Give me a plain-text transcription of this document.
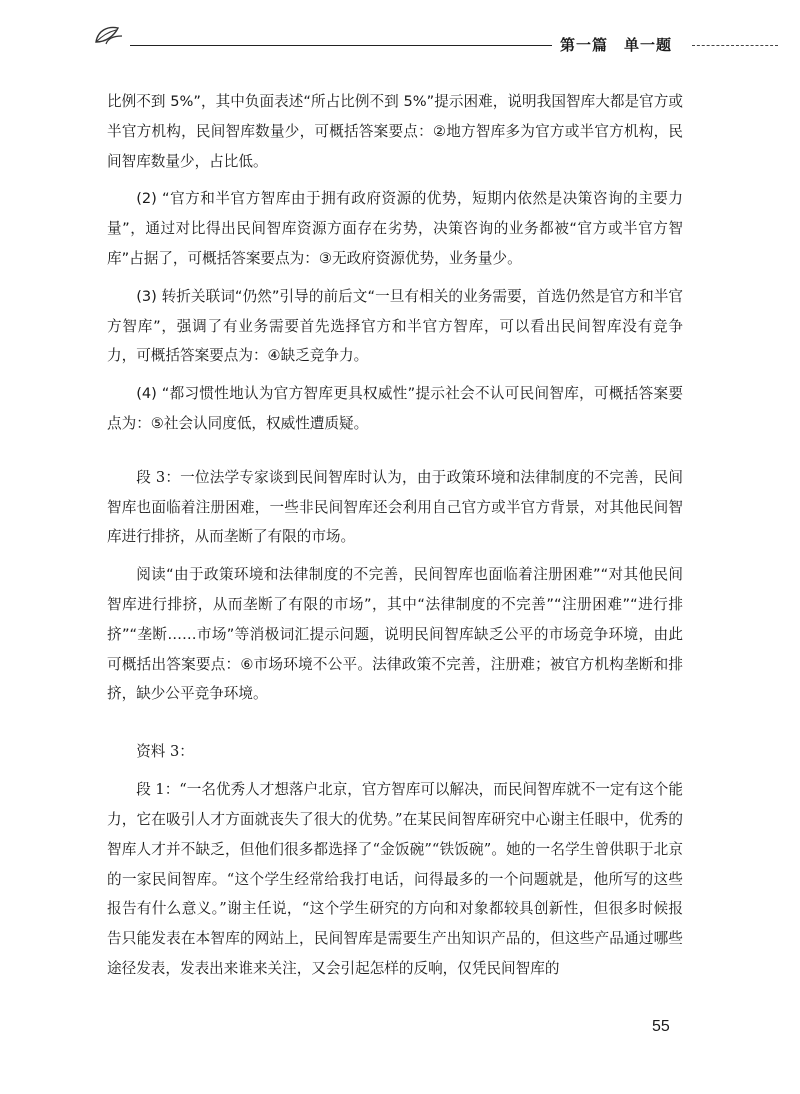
第一篇 单一题

比例不到 5%”，其中负面表述“所占比例不到 5%”提示困难，说明我国智库大都是官方或半官方机构，民间智库数量少，可概括答案要点：②地方智库多为官方或半官方机构，民间智库数量少，占比低。

(2) “官方和半官方智库由于拥有政府资源的优势，短期内依然是决策咨询的主要力量”，通过对比得出民间智库资源方面存在劣势，决策咨询的业务都被“官方或半官方智库”占据了，可概括答案要点为：③无政府资源优势，业务量少。

(3) 转折关联词“仍然”引导的前后文“一旦有相关的业务需要，首选仍然是官方和半官方智库”，强调了有业务需要首先选择官方和半官方智库，可以看出民间智库没有竞争力，可概括答案要点为：④缺乏竞争力。

(4) “都习惯性地认为官方智库更具权威性”提示社会不认可民间智库，可概括答案要点为：⑤社会认同度低，权威性遭质疑。

段 3：一位法学专家谈到民间智库时认为，由于政策环境和法律制度的不完善，民间智库也面临着注册困难，一些非民间智库还会利用自己官方或半官方背景，对其他民间智库进行排挤，从而垄断了有限的市场。

阅读“由于政策环境和法律制度的不完善，民间智库也面临着注册困难”“对其他民间智库进行排挤，从而垄断了有限的市场”，其中“法律制度的不完善”“注册困难”“进行排挤”“垄断……市场”等消极词汇提示问题，说明民间智库缺乏公平的市场竞争环境，由此可概括出答案要点：⑥市场环境不公平。法律政策不完善，注册难；被官方机构垄断和排挤，缺少公平竞争环境。

资料 3：

段 1：“一名优秀人才想落户北京，官方智库可以解决，而民间智库就不一定有这个能力，它在吸引人才方面就丧失了很大的优势。”在某民间智库研究中心谢主任眼中，优秀的智库人才并不缺乏，但他们很多都选择了“金饭碗”“铁饭碗”。她的一名学生曾供职于北京的一家民间智库。“这个学生经常给我打电话，问得最多的一个问题就是，他所写的这些报告有什么意义。”谢主任说，“这个学生研究的方向和对象都较具创新性，但很多时候报告只能发表在本智库的网站上，民间智库是需要生产出知识产品的，但这些产品通过哪些途径发表，发表出来谁来关注，又会引起怎样的反响，仅凭民间智库的

55
